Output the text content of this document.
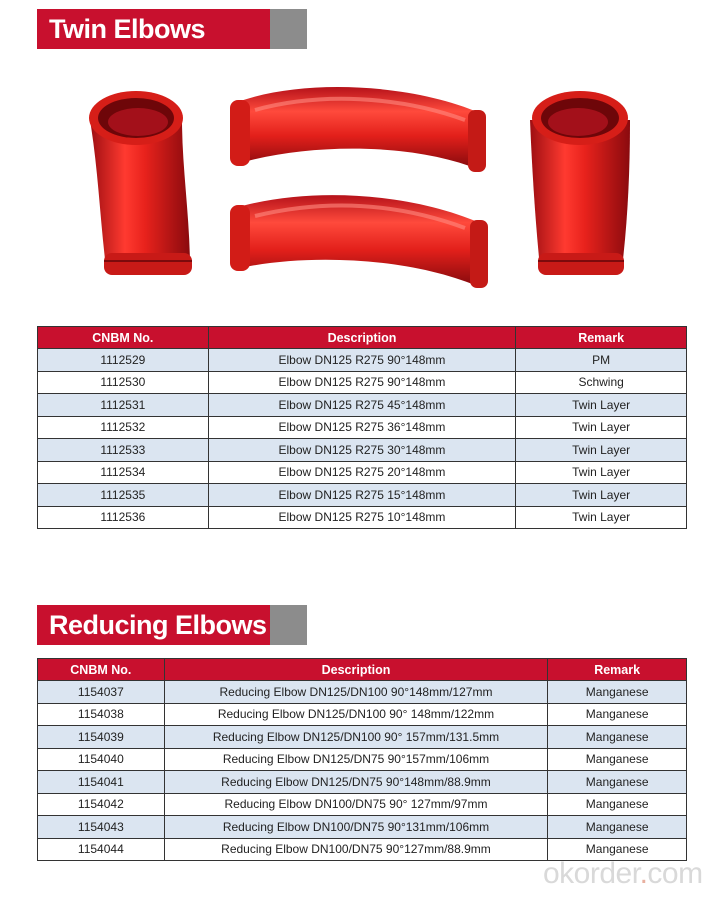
Twin Elbows
CNBM No.	Description	Remark
1112529	Elbow DN125 R275 90°148mm	PM
1112530	Elbow DN125 R275 90°148mm	Schwing
1112531	Elbow DN125 R275 45°148mm	Twin Layer
1112532	Elbow DN125 R275 36°148mm	Twin Layer
1112533	Elbow DN125 R275 30°148mm	Twin Layer
1112534	Elbow DN125 R275 20°148mm	Twin Layer
1112535	Elbow DN125 R275 15°148mm	Twin Layer
1112536	Elbow DN125 R275 10°148mm	Twin Layer
Reducing Elbows
CNBM No.	Description	Remark
1154037	Reducing Elbow DN125/DN100 90°148mm/127mm	Manganese
1154038	Reducing Elbow DN125/DN100 90° 148mm/122mm	Manganese
1154039	Reducing Elbow DN125/DN100 90° 157mm/131.5mm	Manganese
1154040	Reducing Elbow DN125/DN75 90°157mm/106mm	Manganese
1154041	Reducing Elbow DN125/DN75 90°148mm/88.9mm	Manganese
1154042	Reducing Elbow DN100/DN75 90° 127mm/97mm	Manganese
1154043	Reducing Elbow DN100/DN75 90°131mm/106mm	Manganese
1154044	Reducing Elbow DN100/DN75 90°127mm/88.9mm	Manganese
okorder.com
